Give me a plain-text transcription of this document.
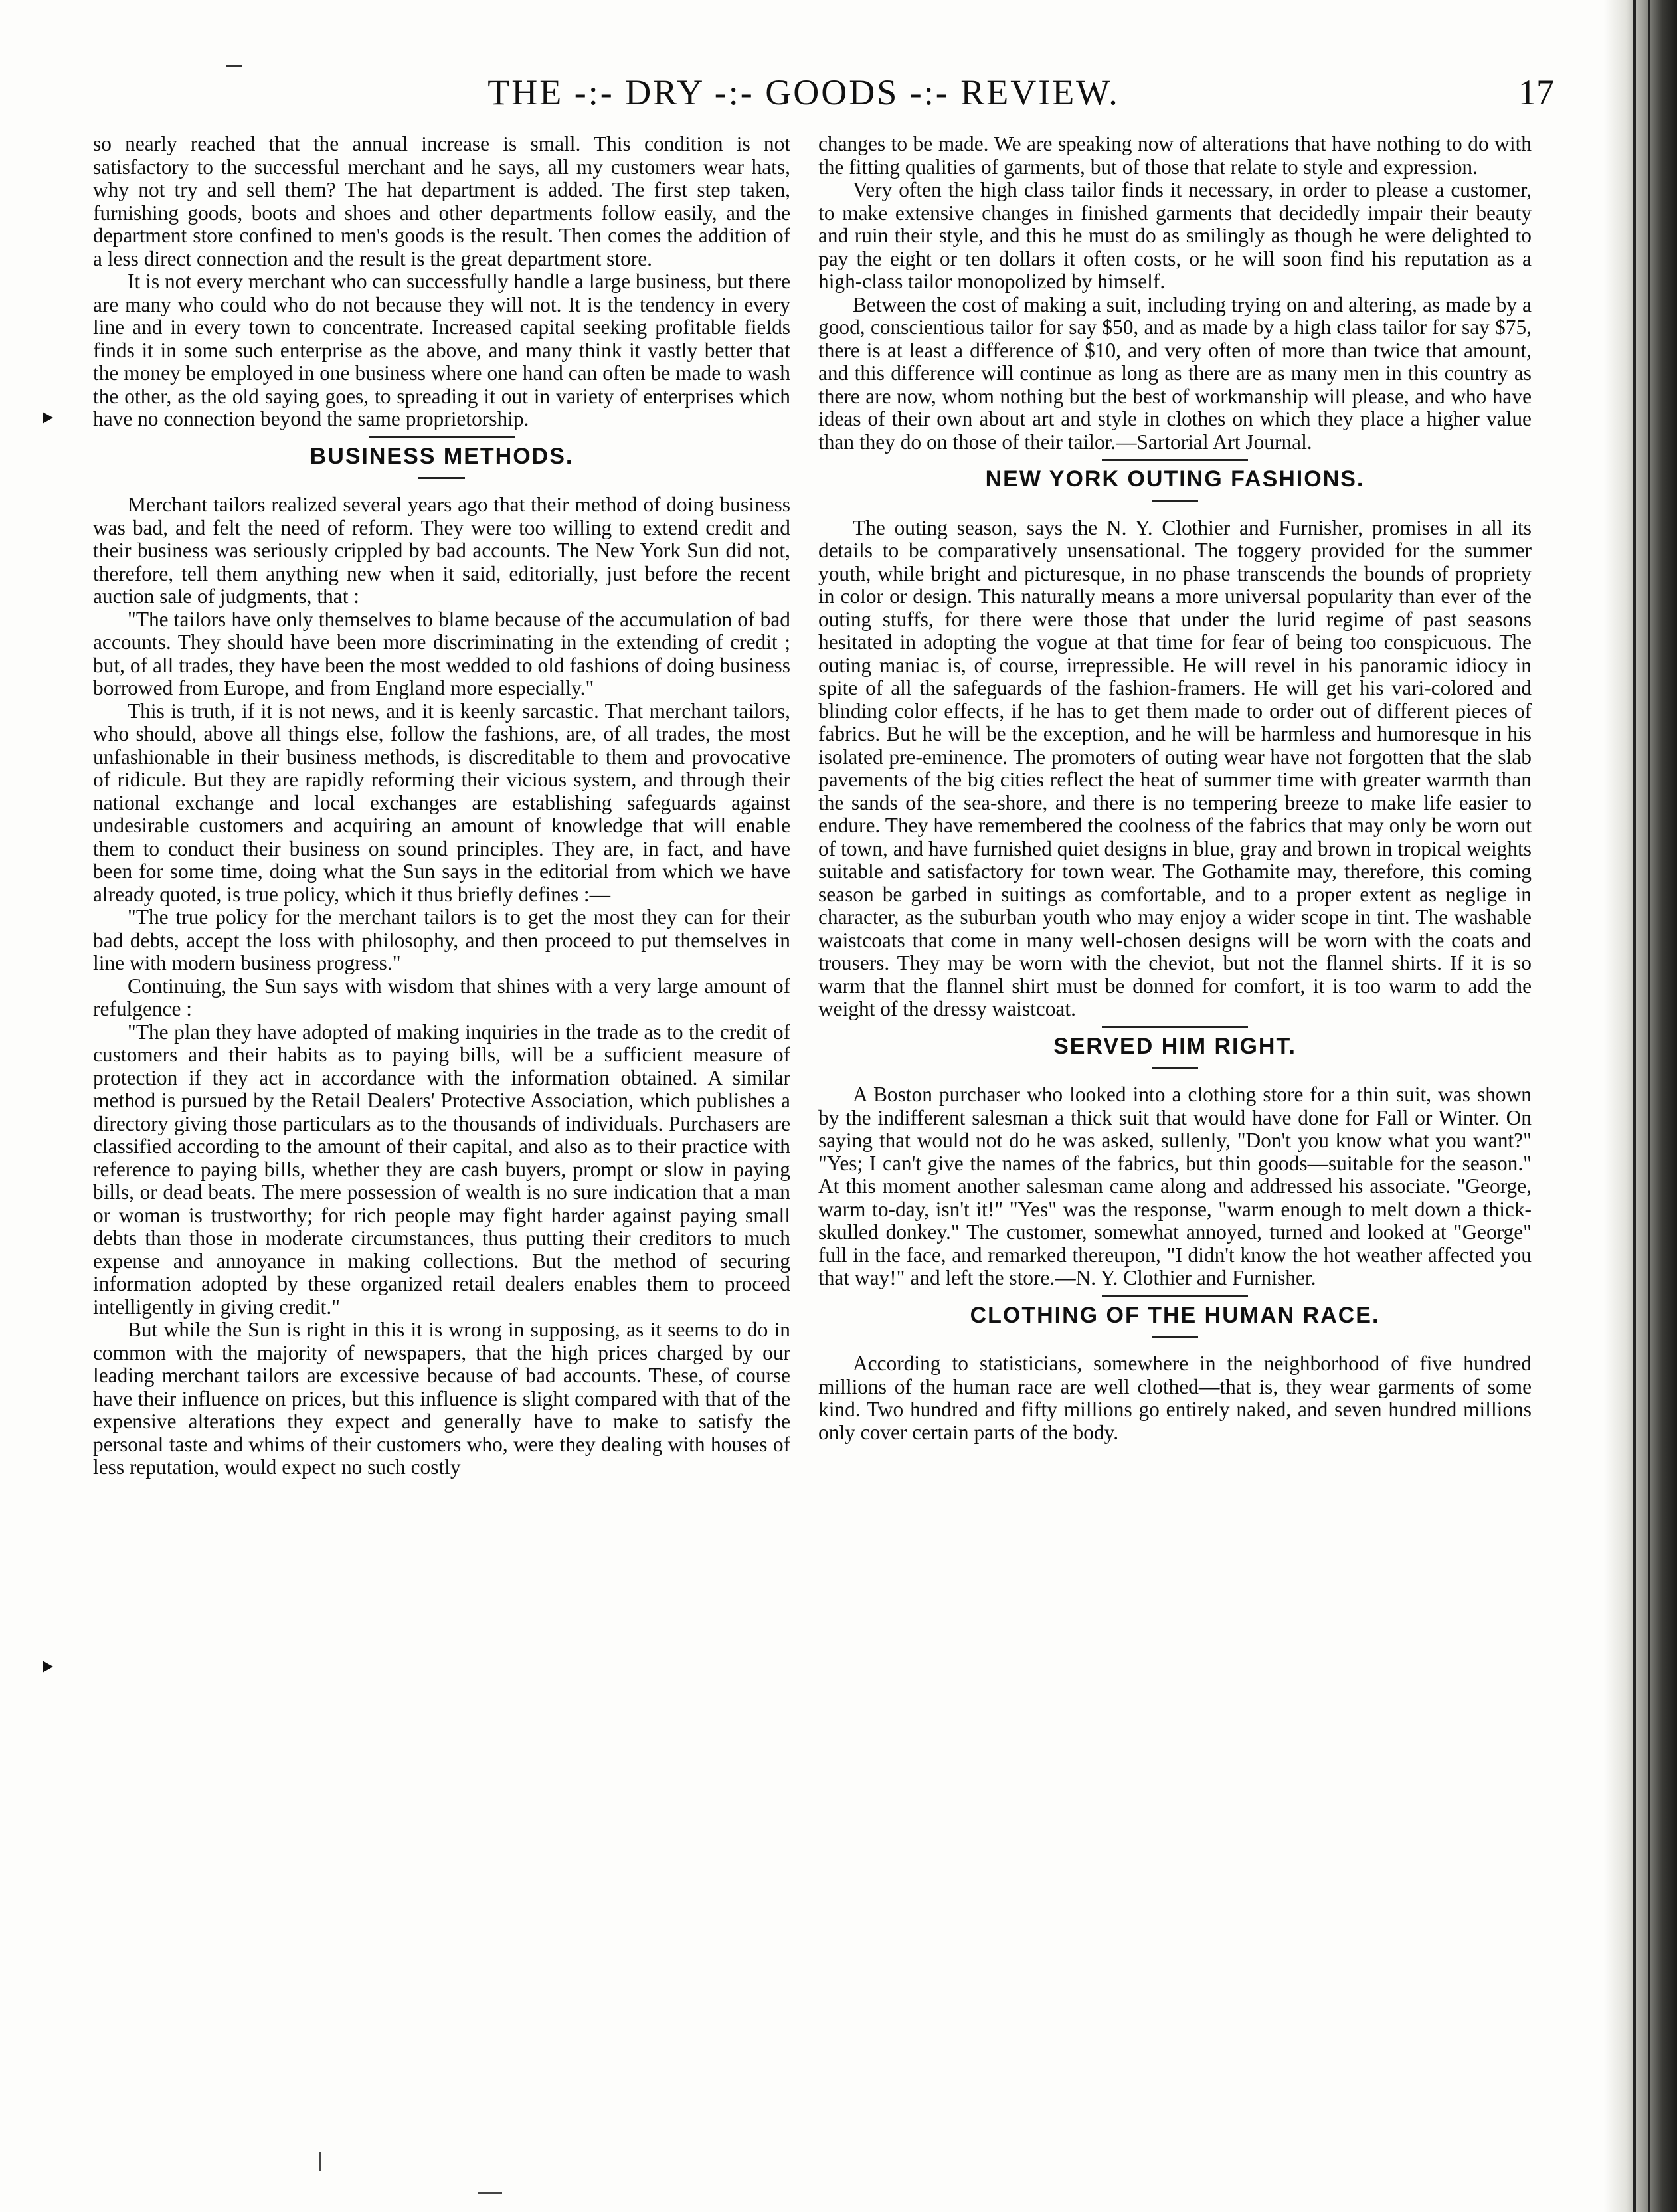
THE -:- DRY -:- GOODS -:- REVIEW.	17

so nearly reached that the annual increase is small. This condition is not satisfactory to the successful merchant and he says, all my customers wear hats, why not try and sell them? The hat department is added. The first step taken, furnishing goods, boots and shoes and other departments follow easily, and the department store confined to men's goods is the result. Then comes the addition of a less direct connection and the result is the great department store.

It is not every merchant who can successfully handle a large business, but there are many who could who do not because they will not. It is the tendency in every line and in every town to concentrate. Increased capital seeking profitable fields finds it in some such enterprise as the above, and many think it vastly better that the money be employed in one business where one hand can often be made to wash the other, as the old saying goes, to spreading it out in variety of enterprises which have no connection beyond the same proprietorship.

BUSINESS METHODS.

Merchant tailors realized several years ago that their method of doing business was bad, and felt the need of reform. They were too willing to extend credit and their business was seriously crippled by bad accounts. The New York Sun did not, therefore, tell them anything new when it said, editorially, just before the recent auction sale of judgments, that :

"The tailors have only themselves to blame because of the accumulation of bad accounts. They should have been more discriminating in the extending of credit ; but, of all trades, they have been the most wedded to old fashions of doing business borrowed from Europe, and from England more especially."

This is truth, if it is not news, and it is keenly sarcastic. That merchant tailors, who should, above all things else, follow the fashions, are, of all trades, the most unfashionable in their business methods, is discreditable to them and provocative of ridicule. But they are rapidly reforming their vicious system, and through their national exchange and local exchanges are establishing safeguards against undesirable customers and acquiring an amount of knowledge that will enable them to conduct their business on sound principles. They are, in fact, and have been for some time, doing what the Sun says in the editorial from which we have already quoted, is true policy, which it thus briefly defines :—

"The true policy for the merchant tailors is to get the most they can for their bad debts, accept the loss with philosophy, and then proceed to put themselves in line with modern business progress."

Continuing, the Sun says with wisdom that shines with a very large amount of refulgence :

"The plan they have adopted of making inquiries in the trade as to the credit of customers and their habits as to paying bills, will be a sufficient measure of protection if they act in accordance with the information obtained. A similar method is pursued by the Retail Dealers' Protective Association, which publishes a directory giving those particulars as to the thousands of individuals. Purchasers are classified according to the amount of their capital, and also as to their practice with reference to paying bills, whether they are cash buyers, prompt or slow in paying bills, or dead beats. The mere possession of wealth is no sure indication that a man or woman is trustworthy; for rich people may fight harder against paying small debts than those in moderate circumstances, thus putting their creditors to much expense and annoyance in making collections. But the method of securing information adopted by these organized retail dealers enables them to proceed intelligently in giving credit."

But while the Sun is right in this it is wrong in supposing, as it seems to do in common with the majority of newspapers, that the high prices charged by our leading merchant tailors are excessive because of bad accounts. These, of course have their influence on prices, but this influence is slight compared with that of the expensive alterations they expect and generally have to make to satisfy the personal taste and whims of their customers who, were they dealing with houses of less reputation, would expect no such costly

changes to be made. We are speaking now of alterations that have nothing to do with the fitting qualities of garments, but of those that relate to style and expression.

Very often the high class tailor finds it necessary, in order to please a customer, to make extensive changes in finished garments that decidedly impair their beauty and ruin their style, and this he must do as smilingly as though he were delighted to pay the eight or ten dollars it often costs, or he will soon find his reputation as a high-class tailor monopolized by himself.

Between the cost of making a suit, including trying on and altering, as made by a good, conscientious tailor for say $50, and as made by a high class tailor for say $75, there is at least a difference of $10, and very often of more than twice that amount, and this difference will continue as long as there are as many men in this country as there are now, whom nothing but the best of workmanship will please, and who have ideas of their own about art and style in clothes on which they place a higher value than they do on those of their tailor.—Sartorial Art Journal.

NEW YORK OUTING FASHIONS.

The outing season, says the N. Y. Clothier and Furnisher, promises in all its details to be comparatively unsensational. The toggery provided for the summer youth, while bright and picturesque, in no phase transcends the bounds of propriety in color or design. This naturally means a more universal popularity than ever of the outing stuffs, for there were those that under the lurid regime of past seasons hesitated in adopting the vogue at that time for fear of being too conspicuous. The outing maniac is, of course, irrepressible. He will revel in his panoramic idiocy in spite of all the safeguards of the fashion-framers. He will get his vari-colored and blinding color effects, if he has to get them made to order out of different pieces of fabrics. But he will be the exception, and he will be harmless and humoresque in his isolated pre-eminence. The promoters of outing wear have not forgotten that the slab pavements of the big cities reflect the heat of summer time with greater warmth than the sands of the sea-shore, and there is no tempering breeze to make life easier to endure. They have remembered the coolness of the fabrics that may only be worn out of town, and have furnished quiet designs in blue, gray and brown in tropical weights suitable and satisfactory for town wear. The Gothamite may, therefore, this coming season be garbed in suitings as comfortable, and to a proper extent as neglige in character, as the suburban youth who may enjoy a wider scope in tint. The washable waistcoats that come in many well-chosen designs will be worn with the coats and trousers. They may be worn with the cheviot, but not the flannel shirts. If it is so warm that the flannel shirt must be donned for comfort, it is too warm to add the weight of the dressy waistcoat.

SERVED HIM RIGHT.

A Boston purchaser who looked into a clothing store for a thin suit, was shown by the indifferent salesman a thick suit that would have done for Fall or Winter. On saying that would not do he was asked, sullenly, "Don't you know what you want?" "Yes; I can't give the names of the fabrics, but thin goods—suitable for the season." At this moment another salesman came along and addressed his associate. "George, warm to-day, isn't it!" "Yes" was the response, "warm enough to melt down a thick-skulled donkey." The customer, somewhat annoyed, turned and looked at "George" full in the face, and remarked thereupon, "I didn't know the hot weather affected you that way!" and left the store.—N. Y. Clothier and Furnisher.

CLOTHING OF THE HUMAN RACE.

According to statisticians, somewhere in the neighborhood of five hundred millions of the human race are well clothed—that is, they wear garments of some kind. Two hundred and fifty millions go entirely naked, and seven hundred millions only cover certain parts of the body.
